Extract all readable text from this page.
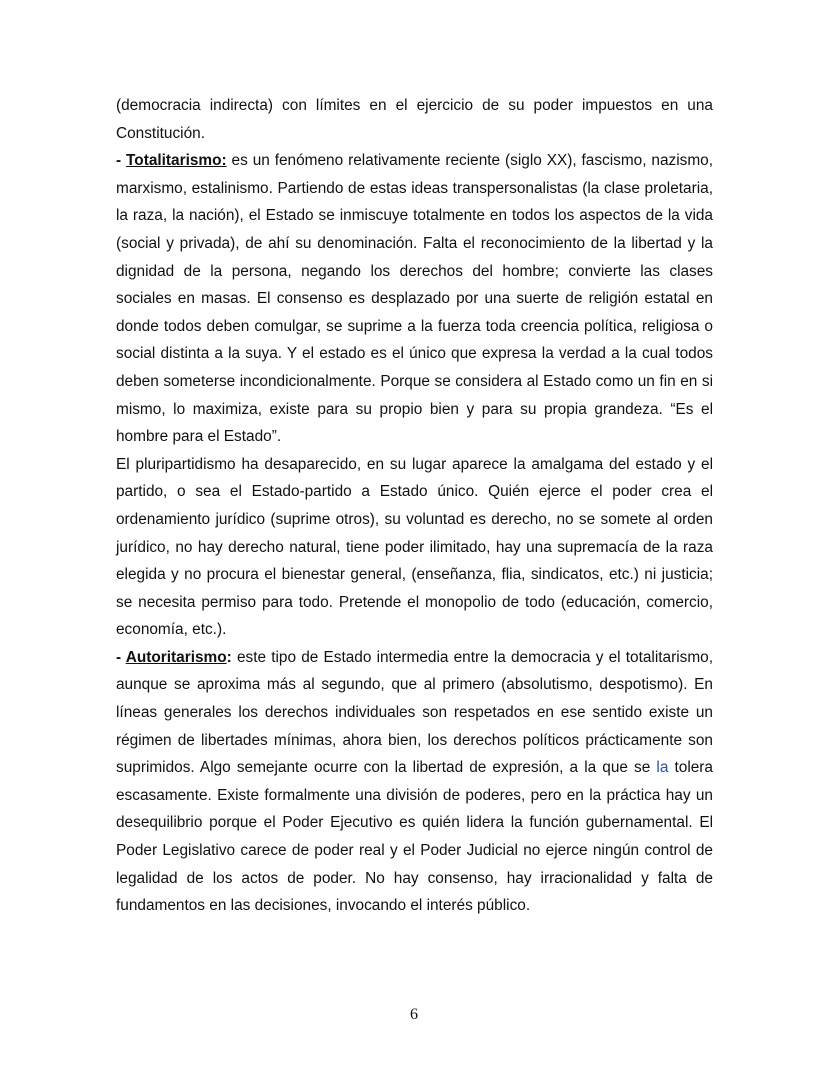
(democracia indirecta) con límites en el ejercicio de su poder impuestos en una Constitución.

- Totalitarismo: es un fenómeno relativamente reciente (siglo XX), fascismo, nazismo, marxismo, estalinismo. Partiendo de estas ideas transpersonalistas (la clase proletaria, la raza, la nación), el Estado se inmiscuye totalmente en todos los aspectos de la vida (social y privada), de ahí su denominación. Falta el reconocimiento de la libertad y la dignidad de la persona, negando los derechos del hombre; convierte las clases sociales en masas. El consenso es desplazado por una suerte de religión estatal en donde todos deben comulgar, se suprime a la fuerza toda creencia política, religiosa o social distinta a la suya. Y el estado es el único que expresa la verdad a la cual todos deben someterse incondicionalmente. Porque se considera al Estado como un fin en si mismo, lo maximiza, existe para su propio bien y para su propia grandeza. “Es el hombre para el Estado”.

El pluripartidismo ha desaparecido, en su lugar aparece la amalgama del estado y el partido, o sea el Estado-partido a Estado único. Quién ejerce el poder crea el ordenamiento jurídico (suprime otros), su voluntad es derecho, no se somete al orden jurídico, no hay derecho natural, tiene poder ilimitado, hay una supremacía de la raza elegida y no procura el bienestar general, (enseñanza, flia, sindicatos, etc.) ni justicia; se necesita permiso para todo. Pretende el monopolio de todo (educación, comercio, economía, etc.).

- Autoritarismo: este tipo de Estado intermedia entre la democracia y el totalitarismo, aunque se aproxima más al segundo, que al primero (absolutismo, despotismo). En líneas generales los derechos individuales son respetados en ese sentido existe un régimen de libertades mínimas, ahora bien, los derechos políticos prácticamente son suprimidos. Algo semejante ocurre con la libertad de expresión, a la que se la tolera escasamente. Existe formalmente una división de poderes, pero en la práctica hay un desequilibrio porque el Poder Ejecutivo es quién lidera la función gubernamental. El Poder Legislativo carece de poder real y el Poder Judicial no ejerce ningún control de legalidad de los actos de poder. No hay consenso, hay irracionalidad y falta de fundamentos en las decisiones, invocando el interés público.

6
